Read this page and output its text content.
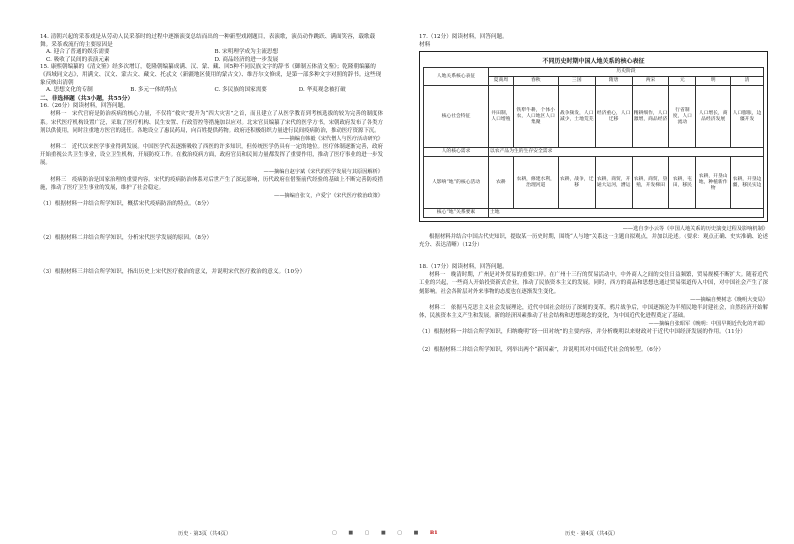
14. 清朝兴起的采茶戏是从劳动人民采茶时的过程中逐渐演变总结而出的一种新型戏剧题目，表演歌，演员动作跳跃、满面笑容，载歌载舞。采茶戏流行的主要原因是

A. 迎合了普通的娱乐需要	B. 宋明理学成为主流思想
C. 吸收了民间的表演元素	D. 商品经济的进一步发展

15. 康熙朝编纂的《清文鉴》经多次增订，乾隆朝编纂成满、汉、蒙、藏、回5种不同民族文字的辞书《御制五体清文鉴》；乾隆朝编纂的《西域同文志》，用满文、汉文、蒙古文、藏文、托忒文（新疆地区使用的蒙古文）、维吾尔文修成，是第一部多种文字对照的辞书。这些现象反映出清朝

A. 思想文化的专制	B. 多元一体的特点	C. 多民族的国家需要	D. 华夷观念被打破
二、非选择题（共3小题，共55分）

16.（26分）阅读材料，回答问题。

材料一　宋代官府是防治疾病的核心力量，不仅将“救灾”提升为“四大灾害”之首，而且建立了从医学教育到考核选拔的较为完善的制度体系。宋代医疗机构设置广泛，采取了医疗机构、民生安置、行政管控等措施加以应对。北宋官员编纂了宋代的医学方书，宋朝政府发布了各类方剂以供使用，同时注重地方医官的选任。各地设立了惠民药局，向百姓提供药物。政府还积极组织力量进行民间疫病防治，推动医疗资源下沉。

——摘编自韩毅《宋代僧人与医疗活动研究》

材料二　近代以来医学事业得到发展。中国医学代表逐渐吸收了西医的许多知识，但传统医学仍具有一定的地位。医疗体制逐渐完善，政府开始重视公共卫生事业，设立卫生机构，开展防疫工作。在救治疫病方面，政府官员和民间力量都发挥了重要作用，推动了医疗事业的进一步发展。

——摘编自赵宇斌《宋代的医学发展与其原因解析》

材料三　疫病防治是国家治理的重要内容。宋代的疫病防治体系对后世产生了深远影响，历代政府在借鉴前代经验的基础上不断完善防疫措施，推动了医疗卫生事业的发展，维护了社会稳定。

——摘编自张文，卢爱宁《宋代医疗救治政策》

（1）根据材料一并结合所学知识，概括宋代疫病防治的特点。（8分）

（2）根据材料二并结合所学知识，分析宋代医学发展的原因。（8分）

（3）根据材料三并结合所学知识，指出历史上宋代医疗救治的意义，并说明宋代医疗救治的意义。（10分）

历史 · 第3页（共4页）	▢ ■ ▢ ■ ▢ ■ B1

17.（12分）阅读材料，回答问题。

材料

不同历史时期中国人地关系的核心表征
人地关系核心表征	历史阶段							
	夏商周	春秋	三国	隋唐	两宋	元	明	清
核心社会特征	井田制，人口增殖	铁犁牛耕，个体小农，人口地区人口集聚	战争频发，人口减少，土地荒芜	经济重心，人口迁移	精耕细作，人口激增，商品经济	行省制度，人口流动	人口增长，商品经济发展	人口膨胀，边疆开发
人的核心需求	以农产品为生的生存安全需求							
人影响“地”的核心活动	农耕	农耕，修建水利，治理河道	农耕，战争，迁移	农耕，商贸，开通大运河，漕运	农耕，商贸，垦殖，开发梯田	农耕，屯田，移民	农耕，开垦山地，种植新作物	农耕，开垦边疆，移民实边
核心“地”关系要素	土地							

——选自李小云等《中国人地关系的历史演变过程及影响机制》

根据材料并结合中国古代史知识，提取某一历史时期，围绕“人与地”关系这一主题自拟观点，并加以论述。（要求：观点正确、史实准确、论述充分、表达清晰）（12分）

18.（17分）阅读材料，回答问题。

材料一　晚清时期，广州是对外贸易的重要口岸。在广州十三行的贸易活动中，中外商人之间的交往日益频繁，贸易规模不断扩大。随着近代工业的兴起，一些商人开始投资新式企业，推动了民族资本主义的发展。同时，西方的商品和思想也通过贸易渠道传入中国，对中国社会产生了深刻影响。社会各阶层对外来事物的态度也在逐渐发生变化。

——摘编自樊树志《晚明大变局》

材料二　依据马克思主义社会发展理论，近代中国社会经历了深刻的变革。鸦片战争后，中国逐渐沦为半殖民地半封建社会，自然经济开始解体，民族资本主义产生和发展。新的经济因素推动了社会结构和思想观念的变化，为中国近代化进程奠定了基础。

——摘编自张昭军《晚明：中国早期近代化的开端》

（1）根据材料一并结合所学知识，归纳晚明“经一田对统”的主要内容，并分析晚明以来财政对于近代中国经济发展的作用。（11分）

（2）根据材料二并结合所学知识，列举出两个“新因素”，并说明其对中国近代社会的转型。（6分）

历史 · 第4页（共4页）
